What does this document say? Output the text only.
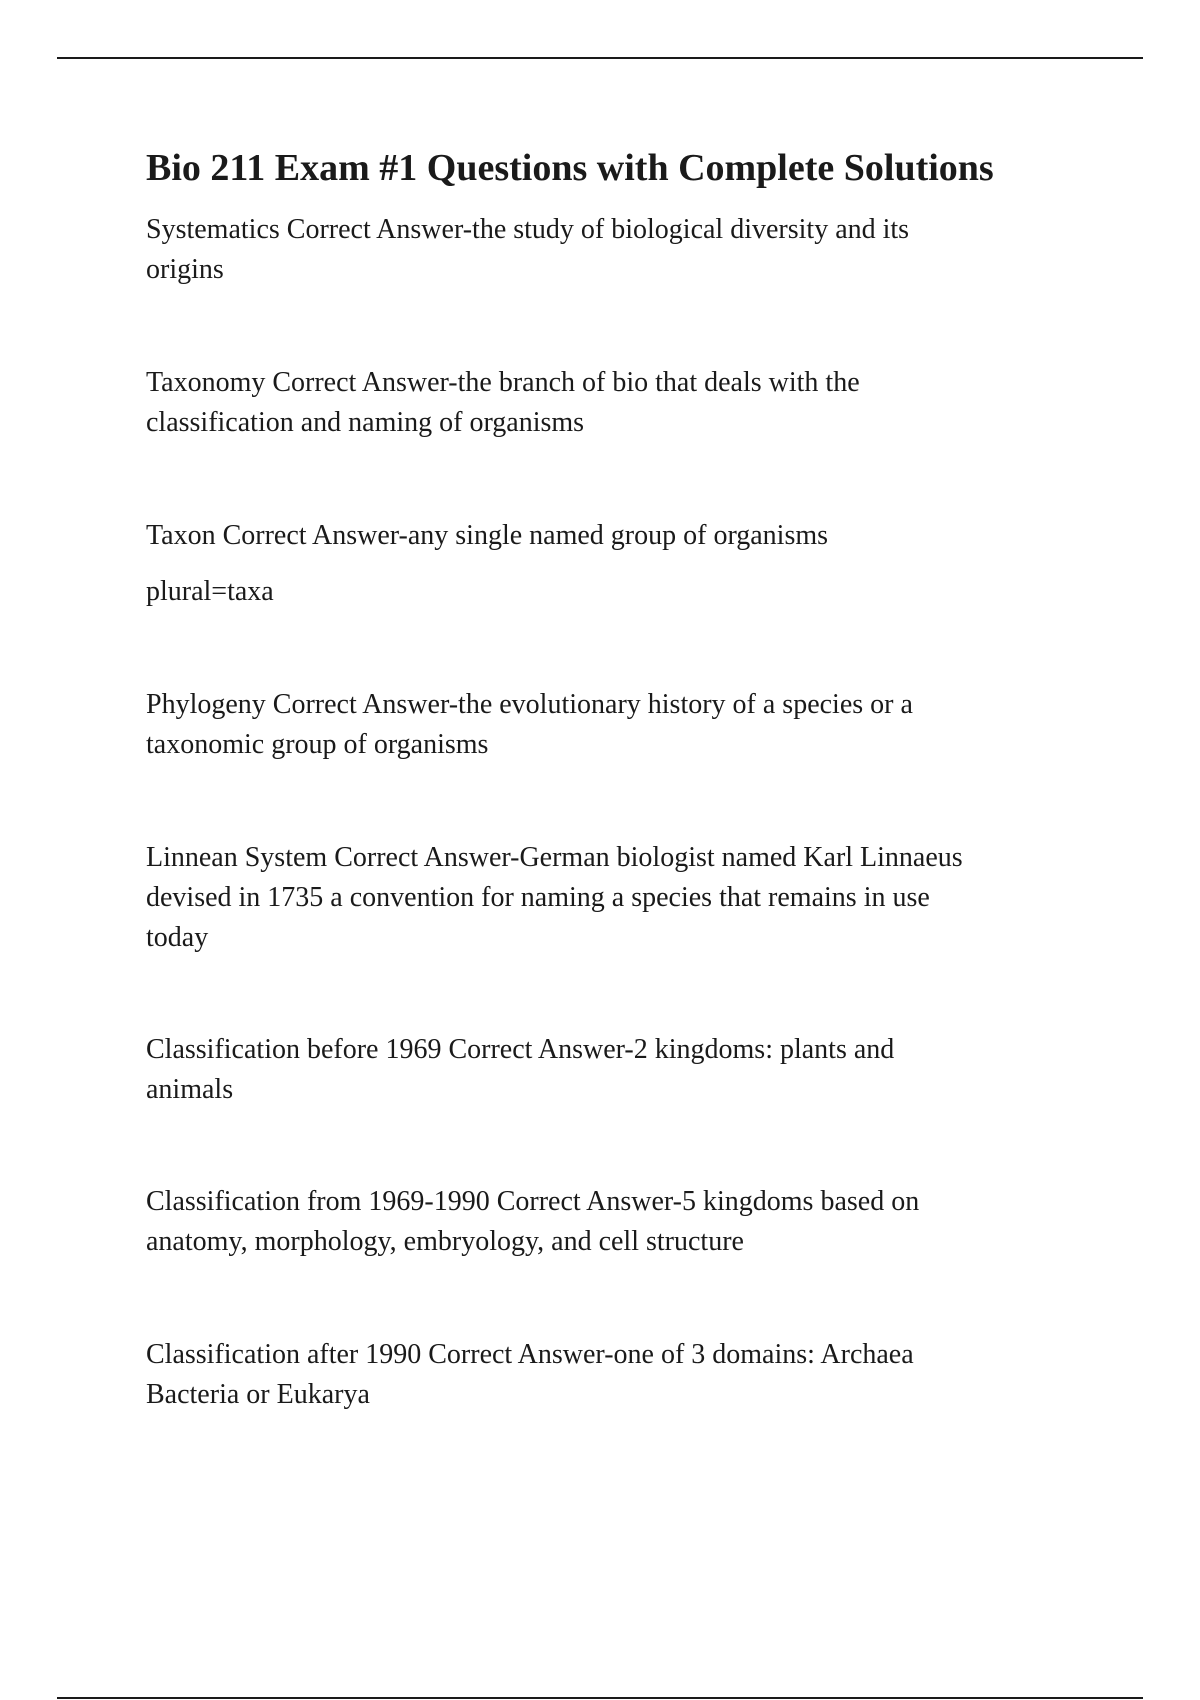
Bio 211 Exam #1 Questions with Complete Solutions

Systematics Correct Answer-the study of biological diversity and its

origins

Taxonomy Correct Answer-the branch of bio that deals with the

classification and naming of organisms

Taxon Correct Answer-any single named group of organisms

plural=taxa

Phylogeny Correct Answer-the evolutionary history of a species or a

taxonomic group of organisms

Linnean System Correct Answer-German biologist named Karl Linnaeus

devised in 1735 a convention for naming a species that remains in use

today

Classification before 1969 Correct Answer-2 kingdoms: plants and

animals

Classification from 1969-1990 Correct Answer-5 kingdoms based on

anatomy, morphology, embryology, and cell structure

Classification after 1990 Correct Answer-one of 3 domains: Archaea

Bacteria or Eukarya
